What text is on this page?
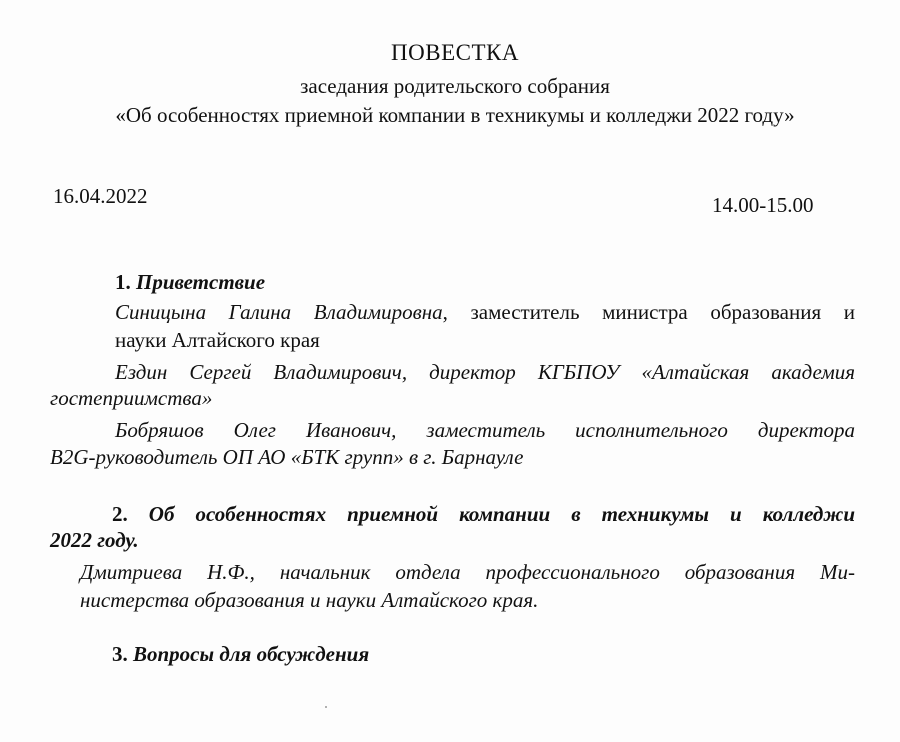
ПОВЕСТКА
заседания родительского собрания
«Об особенностях приемной компании в техникумы и колледжи 2022 году»
16.04.2022	14.00-15.00
1. Приветствие
Синицына Галина Владимировна, заместитель министра образования и
науки Алтайского края
Ездин Сергей Владимирович, директор КГБПОУ «Алтайская академия
гостеприимства»
Бобряшов Олег Иванович, заместитель исполнительного директора
B2G-руководитель ОП АО «БТК групп» в г. Барнауле
2. Об особенностях приемной компании в техникумы и колледжи
2022 году.
Дмитриева Н.Ф., начальник отдела профессионального образования Ми-
нистерства образования и науки Алтайского края.
3. Вопросы для обсуждения
